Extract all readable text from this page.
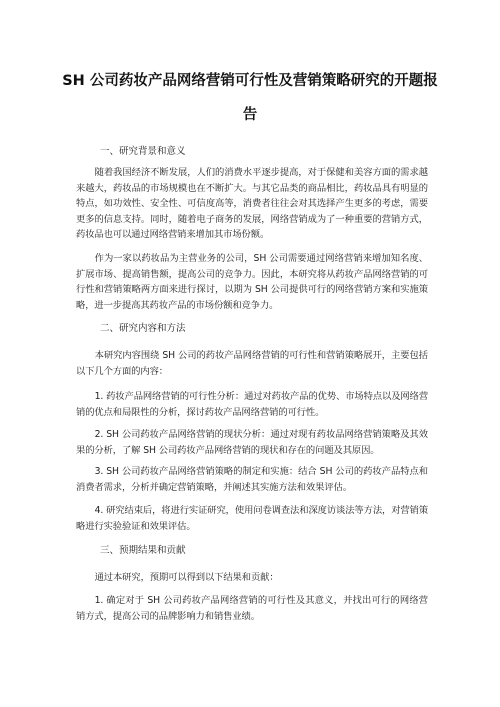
SH 公司药妆产品网络营销可行性及营销策略研究的开题报告
一、研究背景和意义
随着我国经济不断发展，人们的消费水平逐步提高，对于保健和美容方面的需求越来越大，药妆品的市场规模也在不断扩大。与其它品类的商品相比，药妆品具有明显的特点，如功效性、安全性、可信度高等，消费者往往会对其选择产生更多的考虑，需要更多的信息支持。同时，随着电子商务的发展，网络营销成为了一种重要的营销方式，药妆品也可以通过网络营销来增加其市场份额。
作为一家以药妆品为主营业务的公司，SH 公司需要通过网络营销来增加知名度、扩展市场、提高销售额，提高公司的竞争力。因此，本研究将从药妆产品网络营销的可行性和营销策略两方面来进行探讨，以期为 SH 公司提供可行的网络营销方案和实施策略，进一步提高其药妆产品的市场份额和竞争力。
二、研究内容和方法
本研究内容围绕 SH 公司的药妆产品网络营销的可行性和营销策略展开，主要包括以下几个方面的内容：
1. 药妆产品网络营销的可行性分析：通过对药妆产品的优势、市场特点以及网络营销的优点和局限性的分析，探讨药妆产品网络营销的可行性。
2. SH 公司药妆产品网络营销的现状分析：通过对现有药妆品网络营销策略及其效果的分析，了解 SH 公司药妆产品网络营销的现状和存在的问题及其原因。
3. SH 公司药妆产品网络营销策略的制定和实施：结合 SH 公司的药妆产品特点和消费者需求，分析并确定营销策略，并阐述其实施方法和效果评估。
4. 研究结束后，将进行实证研究，使用问卷调查法和深度访谈法等方法，对营销策略进行实验验证和效果评估。
三、预期结果和贡献
通过本研究，预期可以得到以下结果和贡献：
1. 确定对于 SH 公司药妆产品网络营销的可行性及其意义，并找出可行的网络营销方式，提高公司的品牌影响力和销售业绩。
